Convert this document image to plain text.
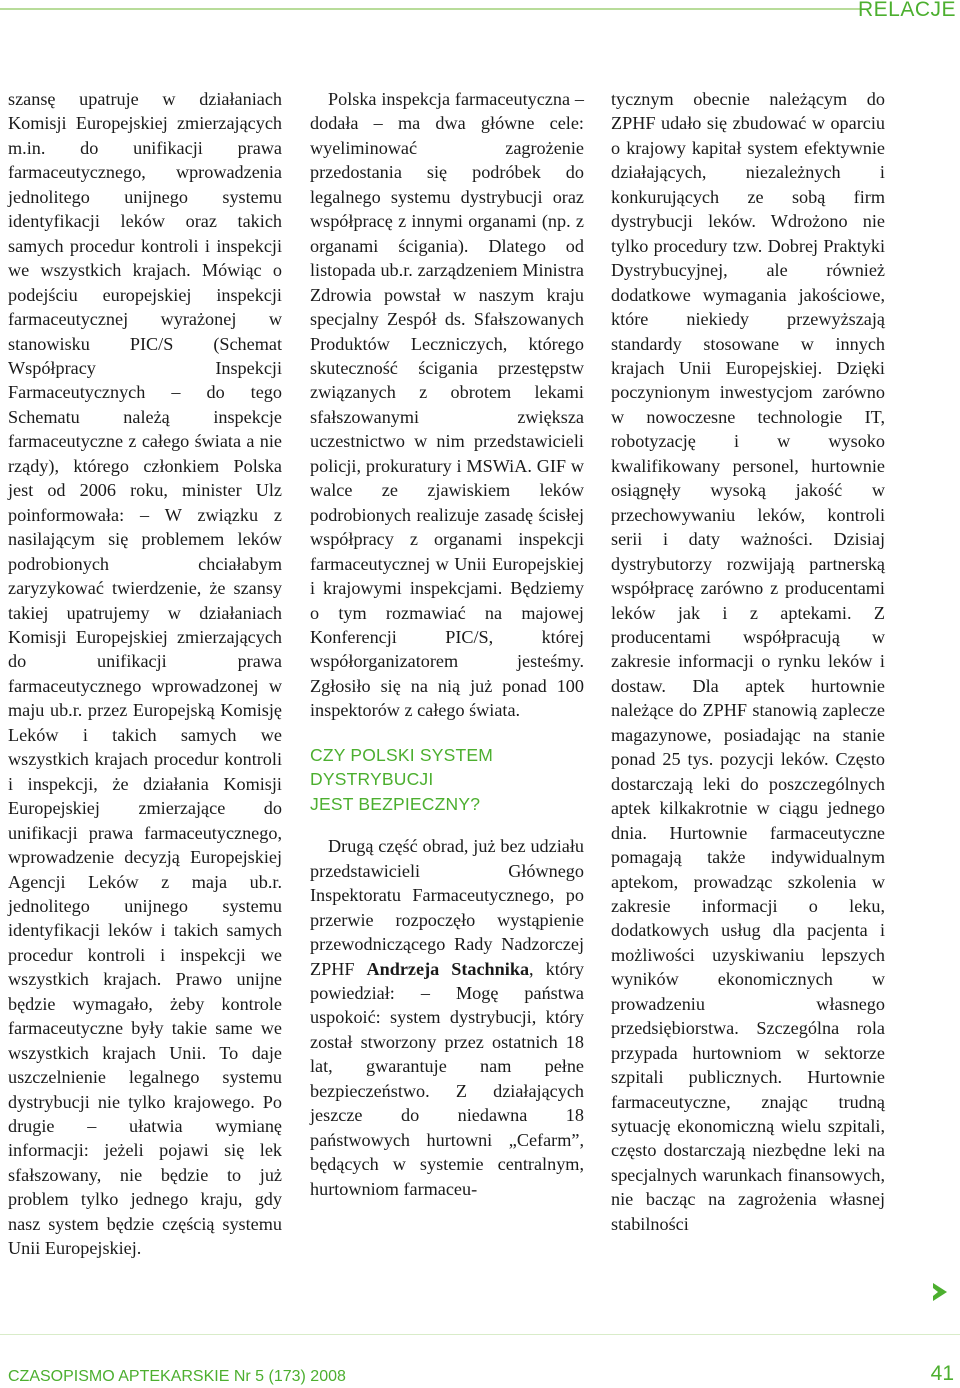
RELACJE

szansę upatruje w działaniach Komisji Europejskiej zmierzających m.in. do unifikacji prawa farmaceutycznego, wprowadzenia jednolitego unijnego systemu identyfikacji leków oraz takich samych procedur kontroli i inspekcji we wszystkich krajach. Mówiąc o podejściu europejskiej inspekcji farmaceutycznej wyrażonej w stanowisku PIC/S (Schemat Współpracy Inspekcji Farmaceutycznych – do tego Schematu należą inspekcje farmaceutyczne z całego świata a nie rządy), którego członkiem Polska jest od 2006 roku, minister Ulz poinformowała: – W związku z nasilającym się problemem leków podrobionych chciałabym zaryzykować twierdzenie, że szansy takiej upatrujemy w działaniach Komisji Europejskiej zmierzających do unifikacji prawa farmaceutycznego wprowadzonej w maju ub.r. przez Europejską Komisję Leków i takich samych we wszystkich krajach procedur kontroli i inspekcji, że działania Komisji Europejskiej zmierzające do unifikacji prawa farmaceutycznego, wprowadzenie decyzją Europejskiej Agencji Leków z maja ub.r. jednolitego unijnego systemu identyfikacji leków i takich samych procedur kontroli i inspekcji we wszystkich krajach. Prawo unijne będzie wymagało, żeby kontrole farmaceutyczne były takie same we wszystkich krajach Unii. To daje uszczelnienie legalnego systemu dystrybucji nie tylko krajowego. Po drugie – ułatwia wymianę informacji: jeżeli pojawi się lek sfałszowany, nie będzie to już problem tylko jednego kraju, gdy nasz system będzie częścią systemu Unii Europejskiej.

Polska inspekcja farmaceutyczna – dodała – ma dwa główne cele: wyeliminować zagrożenie przedostania się podróbek do legalnego systemu dystrybucji oraz współpracę z innymi organami (np. z organami ścigania). Dlatego od listopada ub.r. zarządzeniem Ministra Zdrowia powstał w naszym kraju specjalny Zespół ds. Sfałszowanych Produktów Leczniczych, którego skuteczność ścigania przestępstw związanych z obrotem lekami sfałszowanymi zwiększa uczestnictwo w nim przedstawicieli policji, prokuratury i MSWiA. GIF w walce ze zjawiskiem leków podrobionych realizuje zasadę ścisłej współpracy z organami inspekcji farmaceutycznej w Unii Europejskiej i krajowymi inspekcjami. Będziemy o tym rozmawiać na majowej Konferencji PIC/S, której współorganizatorem jesteśmy. Zgłosiło się na nią już ponad 100 inspektorów z całego świata.

CZY POLSKI SYSTEM
DYSTRYBUCJI
JEST BEZPIECZNY?

Drugą część obrad, już bez udziału przedstawicieli Głównego Inspektoratu Farmaceutycznego, po przerwie rozpoczęło wystąpienie przewodniczącego Rady Nadzorczej ZPHF Andrzeja Stachnika, który powiedział: – Mogę państwa uspokoić: system dystrybucji, który został stworzony przez ostatnich 18 lat, gwarantuje nam pełne bezpieczeństwo. Z działających jeszcze do niedawna 18 państwowych hurtowni „Cefarm”, będących w systemie centralnym, hurtowniom farmaceu-

tycznym obecnie należącym do ZPHF udało się zbudować w oparciu o krajowy kapitał system efektywnie działających, niezależnych i konkurujących ze sobą firm dystrybucji leków. Wdrożono nie tylko procedury tzw. Dobrej Praktyki Dystrybucyjnej, ale również dodatkowe wymagania jakościowe, które niekiedy przewyższają standardy stosowane w innych krajach Unii Europejskiej. Dzięki poczynionym inwestycjom zarówno w nowoczesne technologie IT, robotyzację i w wysoko kwalifikowany personel, hurtownie osiągnęły wysoką jakość w przechowywaniu leków, kontroli serii i daty ważności. Dzisiaj dystrybutorzy rozwijają partnerską współpracę zarówno z producentami leków jak i z aptekami. Z producentami współpracują w zakresie informacji o rynku leków i dostaw. Dla aptek hurtownie należące do ZPHF stanowią zaplecze magazynowe, posiadając na stanie ponad 25 tys. pozycji leków. Często dostarczają leki do poszczególnych aptek kilkakrotnie w ciągu jednego dnia. Hurtownie farmaceutyczne pomagają także indywidualnym aptekom, prowadząc szkolenia w zakresie informacji o leku, dodatkowych usług dla pacjenta i możliwości uzyskiwaniu lepszych wyników ekonomicznych w prowadzeniu własnego przedsiębiorstwa. Szczególna rola przypada hurtowniom w sektorze szpitali publicznych. Hurtownie farmaceutyczne, znając trudną sytuację ekonomiczną wielu szpitali, często dostarczają niezbędne leki na specjalnych warunkach finansowych, nie bacząc na zagrożenia własnej stabilności

CZASOPISMO APTEKARSKIE Nr 5 (173) 2008	41
